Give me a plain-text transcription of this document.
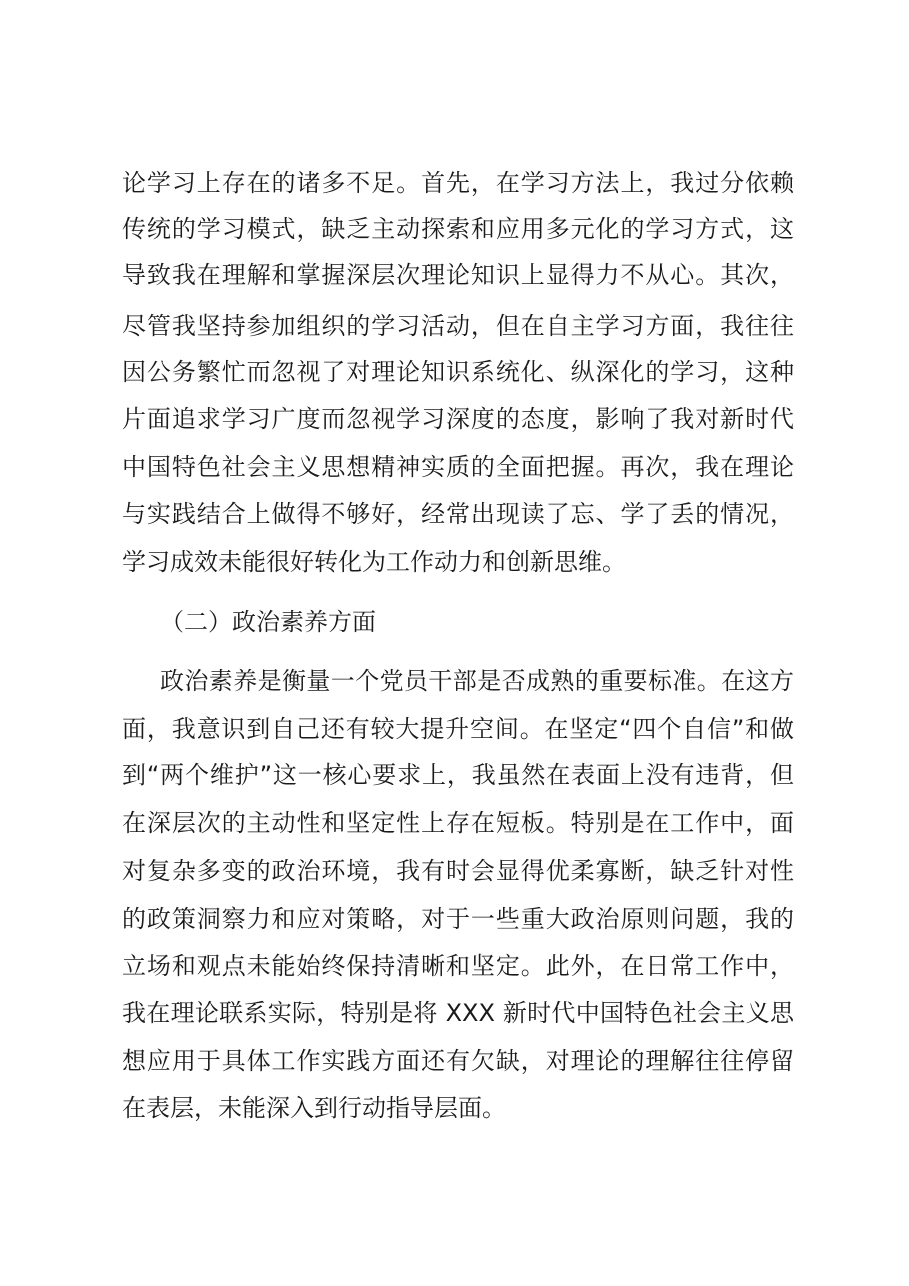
论学习上存在的诸多不足。首先，在学习方法上，我过分依赖
传统的学习模式，缺乏主动探索和应用多元化的学习方式，这
导致我在理解和掌握深层次理论知识上显得力不从心。其次，
尽管我坚持参加组织的学习活动，但在自主学习方面，我往往
因公务繁忙而忽视了对理论知识系统化、纵深化的学习，这种
片面追求学习广度而忽视学习深度的态度，影响了我对新时代
中国特色社会主义思想精神实质的全面把握。再次，我在理论
与实践结合上做得不够好，经常出现读了忘、学了丢的情况，
学习成效未能很好转化为工作动力和创新思维。
（二）政治素养方面
政治素养是衡量一个党员干部是否成熟的重要标准。在这方
面，我意识到自己还有较大提升空间。在坚定“四个自信”和做
到“两个维护”这一核心要求上，我虽然在表面上没有违背，但
在深层次的主动性和坚定性上存在短板。特别是在工作中，面
对复杂多变的政治环境，我有时会显得优柔寡断，缺乏针对性
的政策洞察力和应对策略，对于一些重大政治原则问题，我的
立场和观点未能始终保持清晰和坚定。此外，在日常工作中，
我在理论联系实际，特别是将 XXX 新时代中国特色社会主义思
想应用于具体工作实践方面还有欠缺，对理论的理解往往停留
在表层，未能深入到行动指导层面。
